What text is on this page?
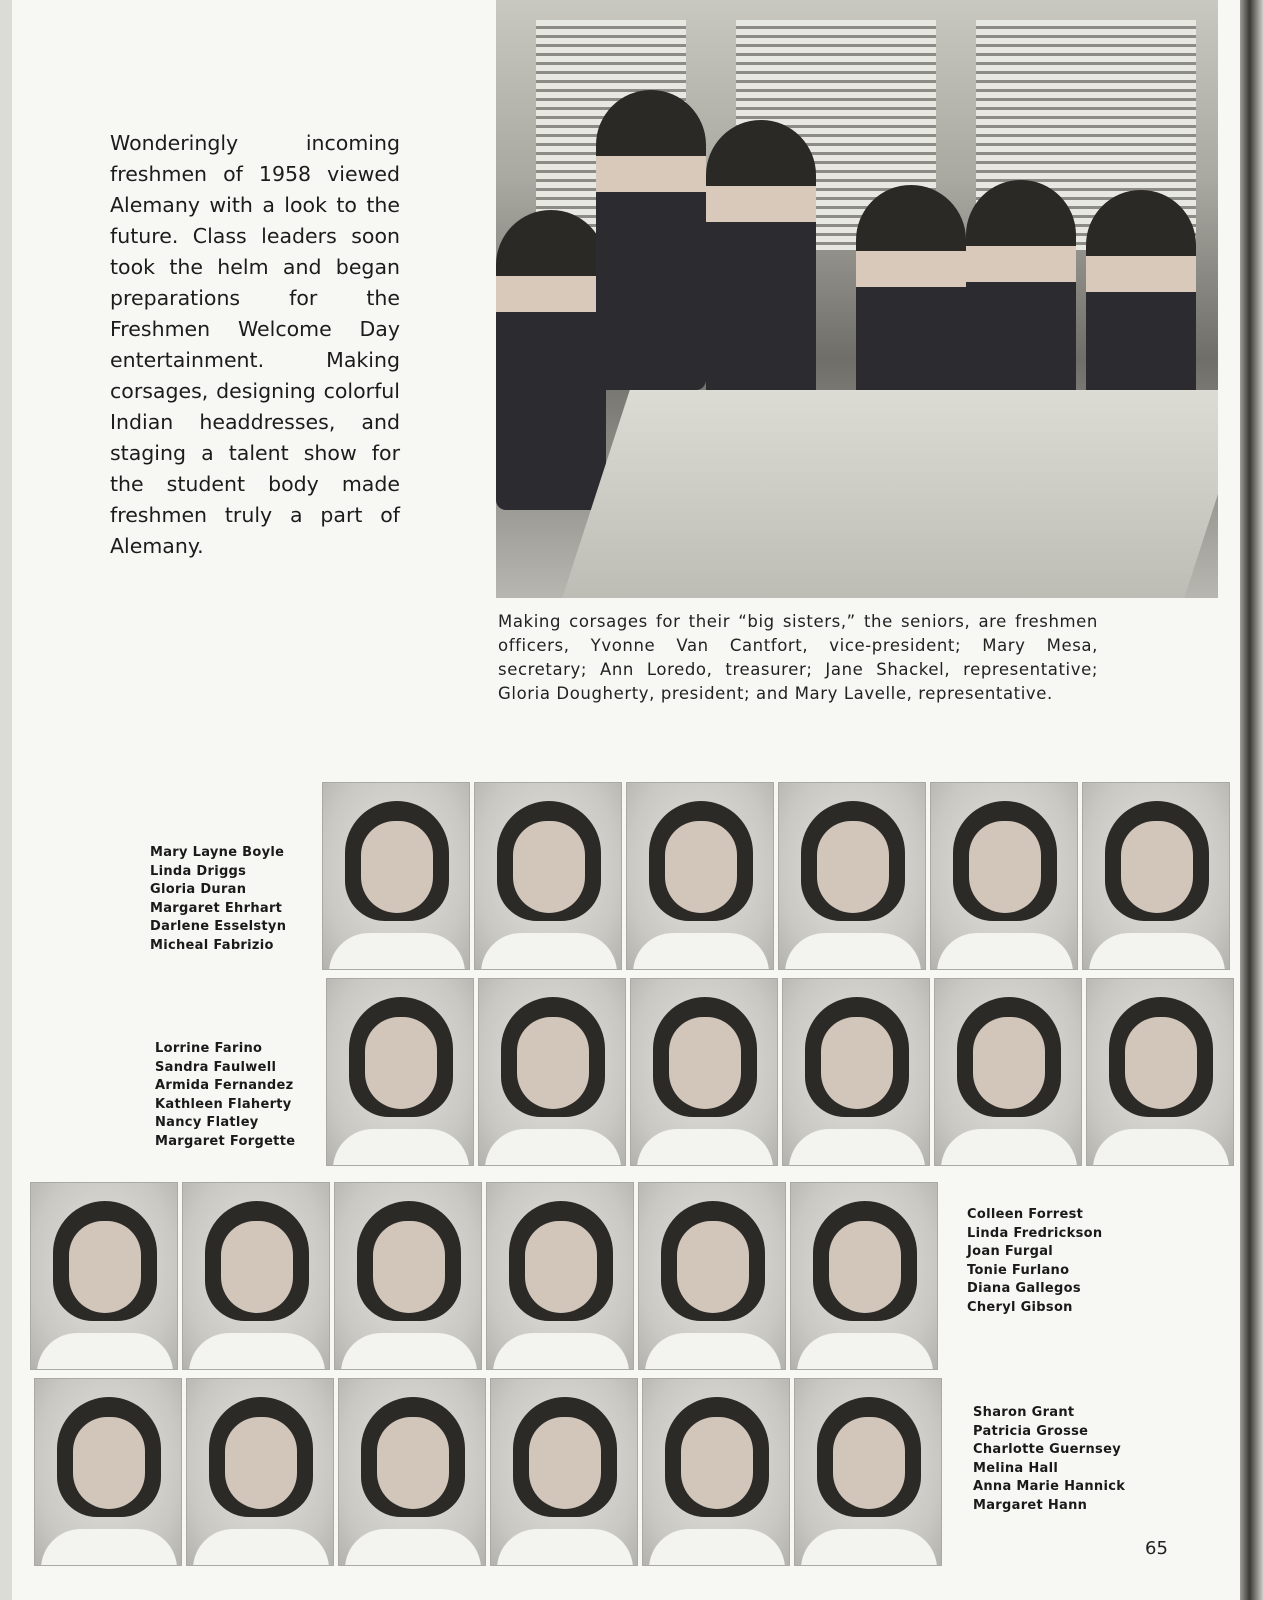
Wonderingly incoming freshmen of 1958 viewed Alemany with a look to the future. Class leaders soon took the helm and began preparations for the Freshmen Welcome Day entertainment. Making corsages, designing colorful Indian headdresses, and staging a talent show for the student body made freshmen truly a part of Alemany.

Making corsages for their “big sisters,” the seniors, are freshmen officers, Yvonne Van Cantfort, vice-president; Mary Mesa, secretary; Ann Loredo, treasurer; Jane Shackel, representative; Gloria Dougherty, president; and Mary Lavelle, representative.

Mary Layne Boyle
Linda Driggs
Gloria Duran
Margaret Ehrhart
Darlene Esselstyn
Micheal Fabrizio
Lorrine Farino
Sandra Faulwell
Armida Fernandez
Kathleen Flaherty
Nancy Flatley
Margaret Forgette
Colleen Forrest
Linda Fredrickson
Joan Furgal
Tonie Furlano
Diana Gallegos
Cheryl Gibson
Sharon Grant
Patricia Grosse
Charlotte Guernsey
Melina Hall
Anna Marie Hannick
Margaret Hann
65
